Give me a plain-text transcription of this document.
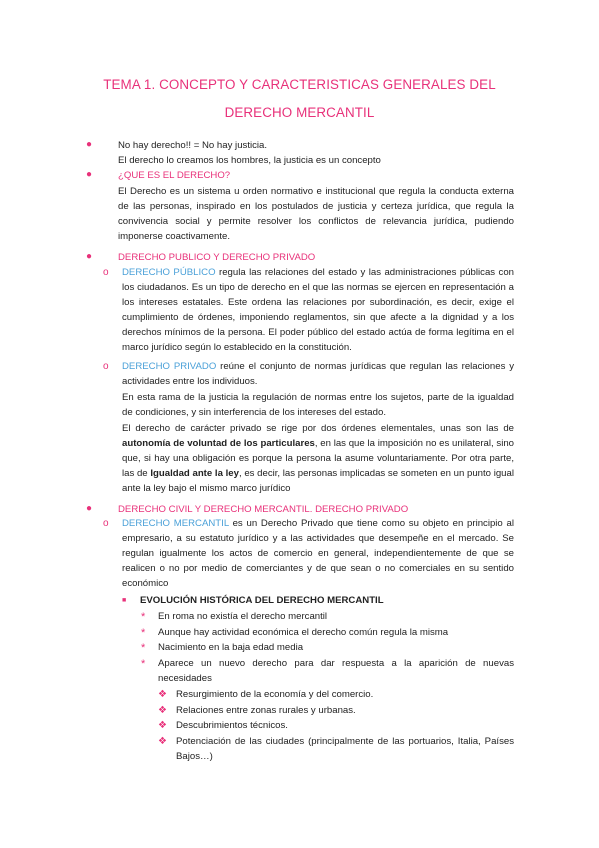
TEMA 1. CONCEPTO Y CARACTERISTICAS GENERALES DEL
DERECHO MERCANTIL
●	No hay derecho!! = No hay justicia.
El derecho lo creamos los hombres, la justicia es un concepto
●	¿QUE ES EL DERECHO?
El Derecho es un sistema u orden normativo e institucional que regula la conducta externa de las personas, inspirado en los postulados de justicia y certeza jurídica, que regula la convivencia social y permite resolver los conflictos de relevancia jurídica, pudiendo imponerse coactivamente.
●	DERECHO PUBLICO Y DERECHO PRIVADO
o DERECHO PÚBLICO regula las relaciones del estado y las administraciones públicas con los ciudadanos. Es un tipo de derecho en el que las normas se ejercen en representación a los intereses estatales. Este ordena las relaciones por subordinación, es decir, exige el cumplimiento de órdenes, imponiendo reglamentos, sin que afecte a la dignidad y a los derechos mínimos de la persona. El poder público del estado actúa de forma legítima en el marco jurídico según lo establecido en la constitución.
o DERECHO PRIVADO reúne el conjunto de normas jurídicas que regulan las relaciones y actividades entre los individuos.
En esta rama de la justicia la regulación de normas entre los sujetos, parte de la igualdad de condiciones, y sin interferencia de los intereses del estado.
El derecho de carácter privado se rige por dos órdenes elementales, unas son las de autonomía de voluntad de los particulares, en las que la imposición no es unilateral, sino que, si hay una obligación es porque la persona la asume voluntariamente. Por otra parte, las de Igualdad ante la ley, es decir, las personas implicadas se someten en un punto igual ante la ley bajo el mismo marco jurídico
●	DERECHO CIVIL Y DERECHO MERCANTIL. DERECHO PRIVADO
o DERECHO MERCANTIL es un Derecho Privado que tiene como su objeto en principio al empresario, a su estatuto jurídico y a las actividades que desempeñe en el mercado. Se regulan igualmente los actos de comercio en general, independientemente de que se realicen o no por medio de comerciantes y de que sean o no comerciales en su sentido económico
■ EVOLUCIÓN HISTÓRICA DEL DERECHO MERCANTIL
* En roma no existía el derecho mercantil
* Aunque hay actividad económica el derecho común regula la misma
* Nacimiento en la baja edad media
* Aparece un nuevo derecho para dar respuesta a la aparición de nuevas necesidades
❖ Resurgimiento de la economía y del comercio.
❖ Relaciones entre zonas rurales y urbanas.
❖ Descubrimientos técnicos.
❖ Potenciación de las ciudades (principalmente de las portuarios, Italia, Países Bajos…)
